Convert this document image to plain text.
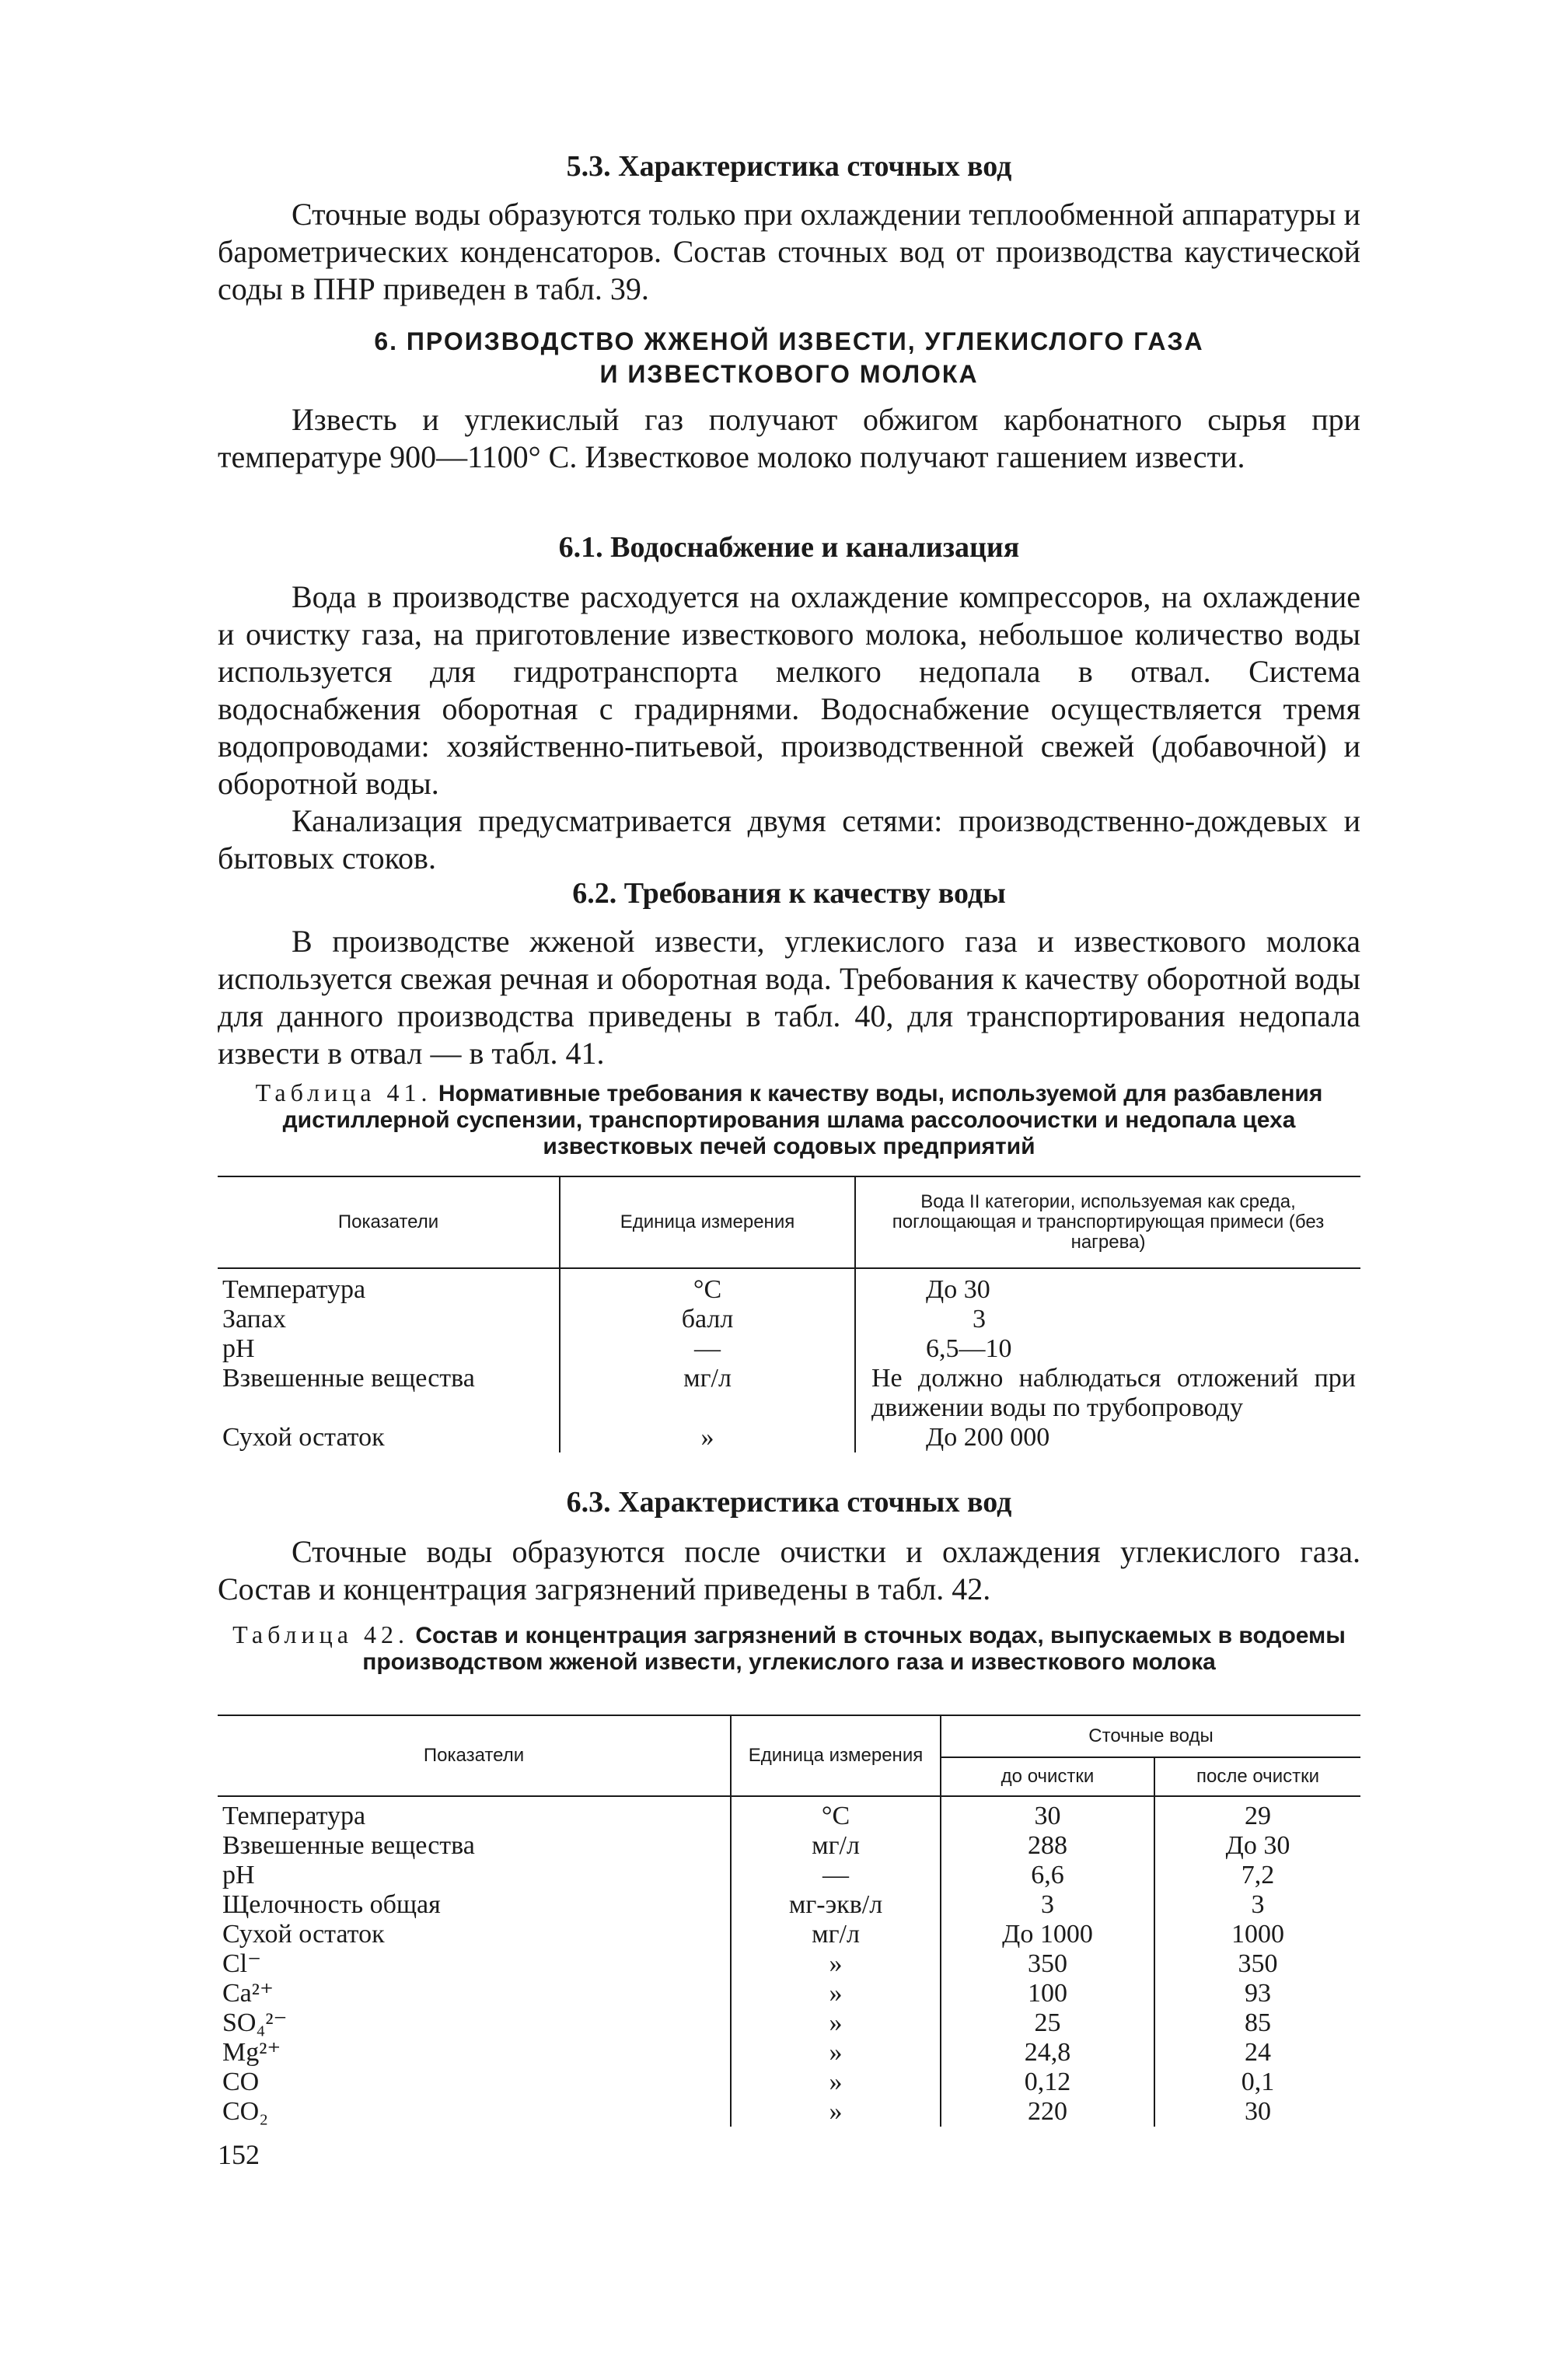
5.3. Характеристика сточных вод

Сточные воды образуются только при охлаждении теплообменной аппаратуры и барометрических конденсаторов. Состав сточных вод от производства каустической соды в ПНР приведен в табл. 39.

6. ПРОИЗВОДСТВО ЖЖЕНОЙ ИЗВЕСТИ, УГЛЕКИСЛОГО ГАЗА
И ИЗВЕСТКОВОГО МОЛОКА

Известь и углекислый газ получают обжигом карбонатного сырья при температуре 900—1100° С. Известковое молоко получают гашением извести.

6.1. Водоснабжение и канализация

Вода в производстве расходуется на охлаждение компрессоров, на охлаждение и очистку газа, на приготовление известкового молока, небольшое количество воды используется для гидротранспорта мелкого недопала в отвал. Система водоснабжения оборотная с градирнями. Водоснабжение осуществляется тремя водопроводами: хозяйственно-питьевой, производственной свежей (добавочной) и оборотной воды.

Канализация предусматривается двумя сетями: производственно-дождевых и бытовых стоков.

6.2. Требования к качеству воды

В производстве жженой извести, углекислого газа и известкового молока используется свежая речная и оборотная вода. Требования к качеству оборотной воды для данного производства приведены в табл. 40, для транспортирования недопала извести в отвал — в табл. 41.

Таблица 41. Нормативные требования к качеству воды, используемой для разбавления дистиллерной суспензии, транспортирования шлама рассолоочистки и недопала цеха известковых печей содовых предприятий
Показатели	Единица измерения	Вода II категории, используемая как среда, поглощающая и транспортирующая примеси (без нагрева)
Температура	°С	До 30
Запах	балл	3
pH	—	6,5—10
Взвешенные вещества	мг/л	Не должно наблюдаться отложений при движении воды по трубопроводу
Сухой остаток	»	До 200 000
6.3. Характеристика сточных вод

Сточные воды образуются после очистки и охлаждения углекислого газа. Состав и концентрация загрязнений приведены в табл. 42.

Таблица 42. Состав и концентрация загрязнений в сточных водах, выпускаемых в водоемы производством жженой извести, углекислого газа и известкового молока
Показатели	Единица измерения	Сточные воды	
		до очистки	после очистки
Температура	°С	30	29
Взвешенные вещества	мг/л	288	До 30
pH	—	6,6	7,2
Щелочность общая	мг-экв/л	3	3
Сухой остаток	мг/л	До 1000	1000
Cl⁻	»	350	350
Ca²⁺	»	100	93
SO₄²⁻	»	25	85
Mg²⁺	»	24,8	24
CO	»	0,12	0,1
CO₂	»	220	30
152
